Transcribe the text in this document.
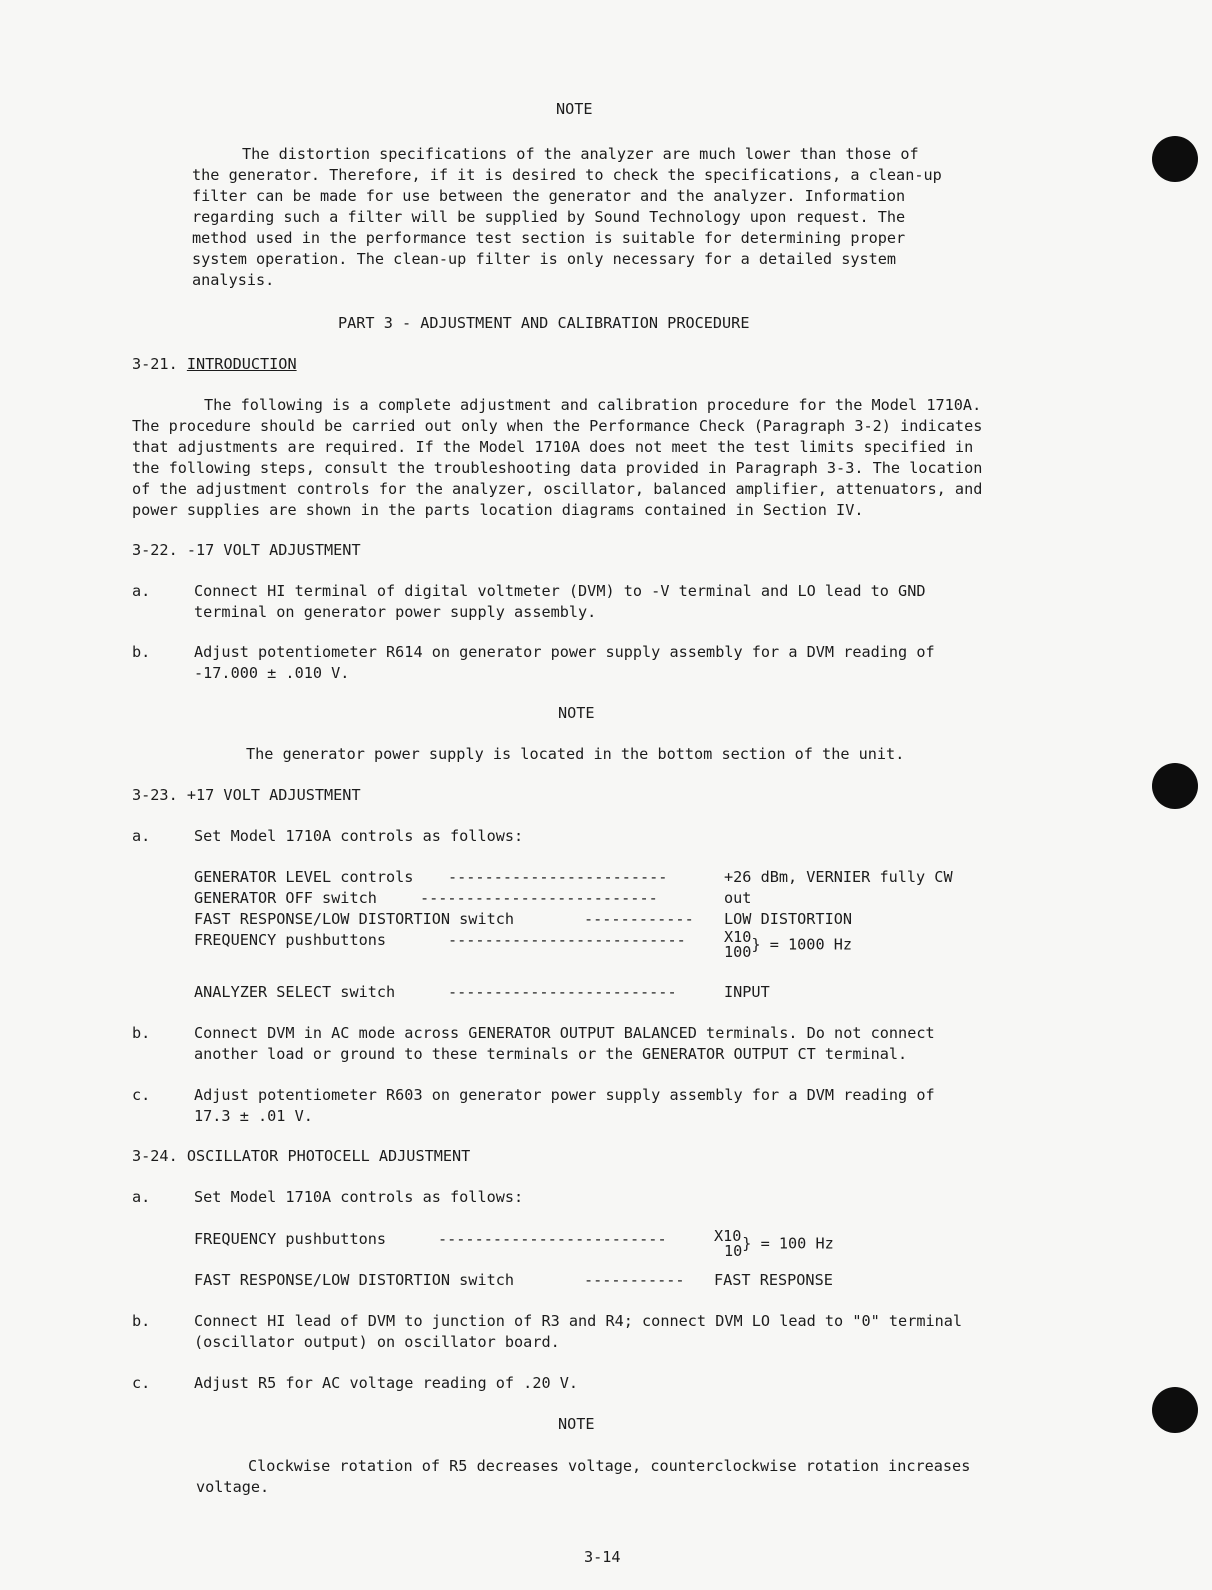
NOTE
The distortion specifications of the analyzer are much lower than those of
the generator. Therefore, if it is desired to check the specifications, a clean-up
filter can be made for use between the generator and the analyzer. Information
regarding such a filter will be supplied by Sound Technology upon request. The
method used in the performance test section is suitable for determining proper
system operation. The clean-up filter is only necessary for a detailed system
analysis.
PART 3 - ADJUSTMENT AND CALIBRATION PROCEDURE
3-21. INTRODUCTION
The following is a complete adjustment and calibration procedure for the Model 1710A.
The procedure should be carried out only when the Performance Check (Paragraph 3-2) indicates
that adjustments are required. If the Model 1710A does not meet the test limits specified in
the following steps, consult the troubleshooting data provided in Paragraph 3-3. The location
of the adjustment controls for the analyzer, oscillator, balanced amplifier, attenuators, and
power supplies are shown in the parts location diagrams contained in Section IV.
3-22. -17 VOLT ADJUSTMENT
a.	Connect HI terminal of digital voltmeter (DVM) to -V terminal and LO lead to GND
terminal on generator power supply assembly.
b.	Adjust potentiometer R614 on generator power supply assembly for a DVM reading of
-17.000 ± .010 V.
NOTE
The generator power supply is located in the bottom section of the unit.
3-23. +17 VOLT ADJUSTMENT
a.	Set Model 1710A controls as follows:
GENERATOR LEVEL controls ------------------------	+26 dBm, VERNIER fully CW
GENERATOR OFF switch	--------------------------	out
FAST RESPONSE/LOW DISTORTION switch	------------ LOW DISTORTION
FREQUENCY pushbuttons	--------------------------	X10
100 } = 1000 Hz
ANALYZER SELECT switch	-------------------------	INPUT
b.	Connect DVM in AC mode across GENERATOR OUTPUT BALANCED terminals. Do not connect
another load or ground to these terminals or the GENERATOR OUTPUT CT terminal.
c.	Adjust potentiometer R603 on generator power supply assembly for a DVM reading of
17.3 ± .01 V.
3-24. OSCILLATOR PHOTOCELL ADJUSTMENT
a.	Set Model 1710A controls as follows:
FREQUENCY pushbuttons	-------------------------	X10
10 } = 100 Hz
FAST RESPONSE/LOW DISTORTION switch	----------- FAST RESPONSE
b.	Connect HI lead of DVM to junction of R3 and R4; connect DVM LO lead to "0" terminal
(oscillator output) on oscillator board.
c.	Adjust R5 for AC voltage reading of .20 V.
NOTE
Clockwise rotation of R5 decreases voltage, counterclockwise rotation increases
voltage.
3-14
